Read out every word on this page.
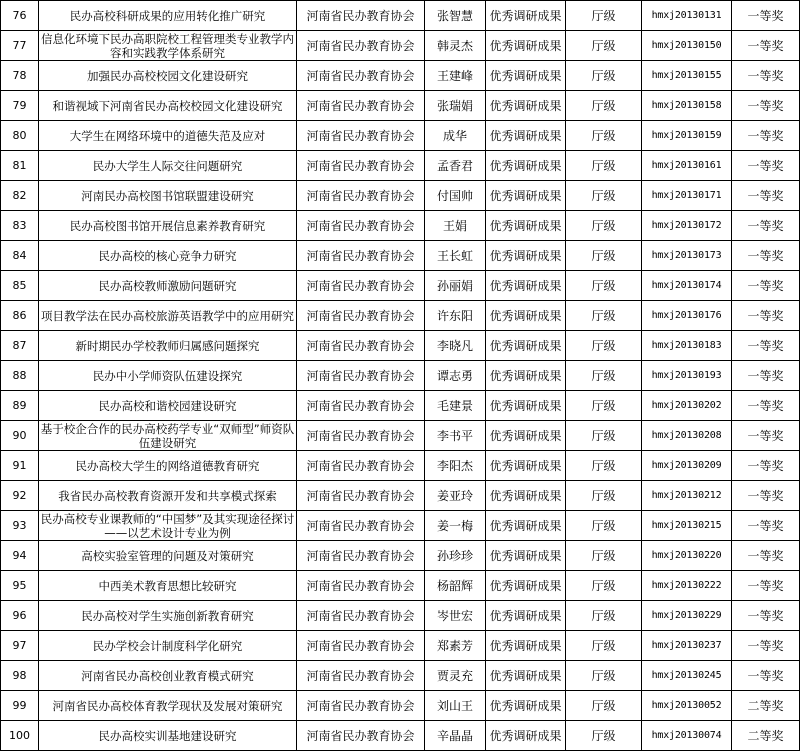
76	民办高校科研成果的应用转化推广研究	河南省民办教育协会	张智慧	优秀调研成果	厅级	hmxj20130131	一等奖
77	信息化环境下民办高职院校工程管理类专业教学内容和实践教学体系研究	河南省民办教育协会	韩灵杰	优秀调研成果	厅级	hmxj20130150	一等奖
78	加强民办高校校园文化建设研究	河南省民办教育协会	王建峰	优秀调研成果	厅级	hmxj20130155	一等奖
79	和谐视域下河南省民办高校校园文化建设研究	河南省民办教育协会	张瑞娟	优秀调研成果	厅级	hmxj20130158	一等奖
80	大学生在网络环境中的道德失范及应对	河南省民办教育协会	成华	优秀调研成果	厅级	hmxj20130159	一等奖
81	民办大学生人际交往问题研究	河南省民办教育协会	孟香君	优秀调研成果	厅级	hmxj20130161	一等奖
82	河南民办高校图书馆联盟建设研究	河南省民办教育协会	付国帅	优秀调研成果	厅级	hmxj20130171	一等奖
83	民办高校图书馆开展信息素养教育研究	河南省民办教育协会	王娟	优秀调研成果	厅级	hmxj20130172	一等奖
84	民办高校的核心竞争力研究	河南省民办教育协会	王长虹	优秀调研成果	厅级	hmxj20130173	一等奖
85	民办高校教师激励问题研究	河南省民办教育协会	孙丽娟	优秀调研成果	厅级	hmxj20130174	一等奖
86	项目教学法在民办高校旅游英语教学中的应用研究	河南省民办教育协会	许东阳	优秀调研成果	厅级	hmxj20130176	一等奖
87	新时期民办学校教师归属感问题探究	河南省民办教育协会	李晓凡	优秀调研成果	厅级	hmxj20130183	一等奖
88	民办中小学师资队伍建设探究	河南省民办教育协会	谭志勇	优秀调研成果	厅级	hmxj20130193	一等奖
89	民办高校和谐校园建设研究	河南省民办教育协会	毛建景	优秀调研成果	厅级	hmxj20130202	一等奖
90	基于校企合作的民办高校药学专业“双师型”师资队伍建设研究	河南省民办教育协会	李书平	优秀调研成果	厅级	hmxj20130208	一等奖
91	民办高校大学生的网络道德教育研究	河南省民办教育协会	李阳杰	优秀调研成果	厅级	hmxj20130209	一等奖
92	我省民办高校教育资源开发和共享模式探索	河南省民办教育协会	姜亚玲	优秀调研成果	厅级	hmxj20130212	一等奖
93	民办高校专业课教师的“中国梦”及其实现途径探讨——以艺术设计专业为例	河南省民办教育协会	姜一梅	优秀调研成果	厅级	hmxj20130215	一等奖
94	高校实验室管理的问题及对策研究	河南省民办教育协会	孙珍珍	优秀调研成果	厅级	hmxj20130220	一等奖
95	中西美术教育思想比较研究	河南省民办教育协会	杨韶辉	优秀调研成果	厅级	hmxj20130222	一等奖
96	民办高校对学生实施创新教育研究	河南省民办教育协会	岑世宏	优秀调研成果	厅级	hmxj20130229	一等奖
97	民办学校会计制度科学化研究	河南省民办教育协会	郑素芳	优秀调研成果	厅级	hmxj20130237	一等奖
98	河南省民办高校创业教育模式研究	河南省民办教育协会	贾灵充	优秀调研成果	厅级	hmxj20130245	一等奖
99	河南省民办高校体育教学现状及发展对策研究	河南省民办教育协会	刘山王	优秀调研成果	厅级	hmxj20130052	二等奖
100	民办高校实训基地建设研究	河南省民办教育协会	辛晶晶	优秀调研成果	厅级	hmxj20130074	二等奖
